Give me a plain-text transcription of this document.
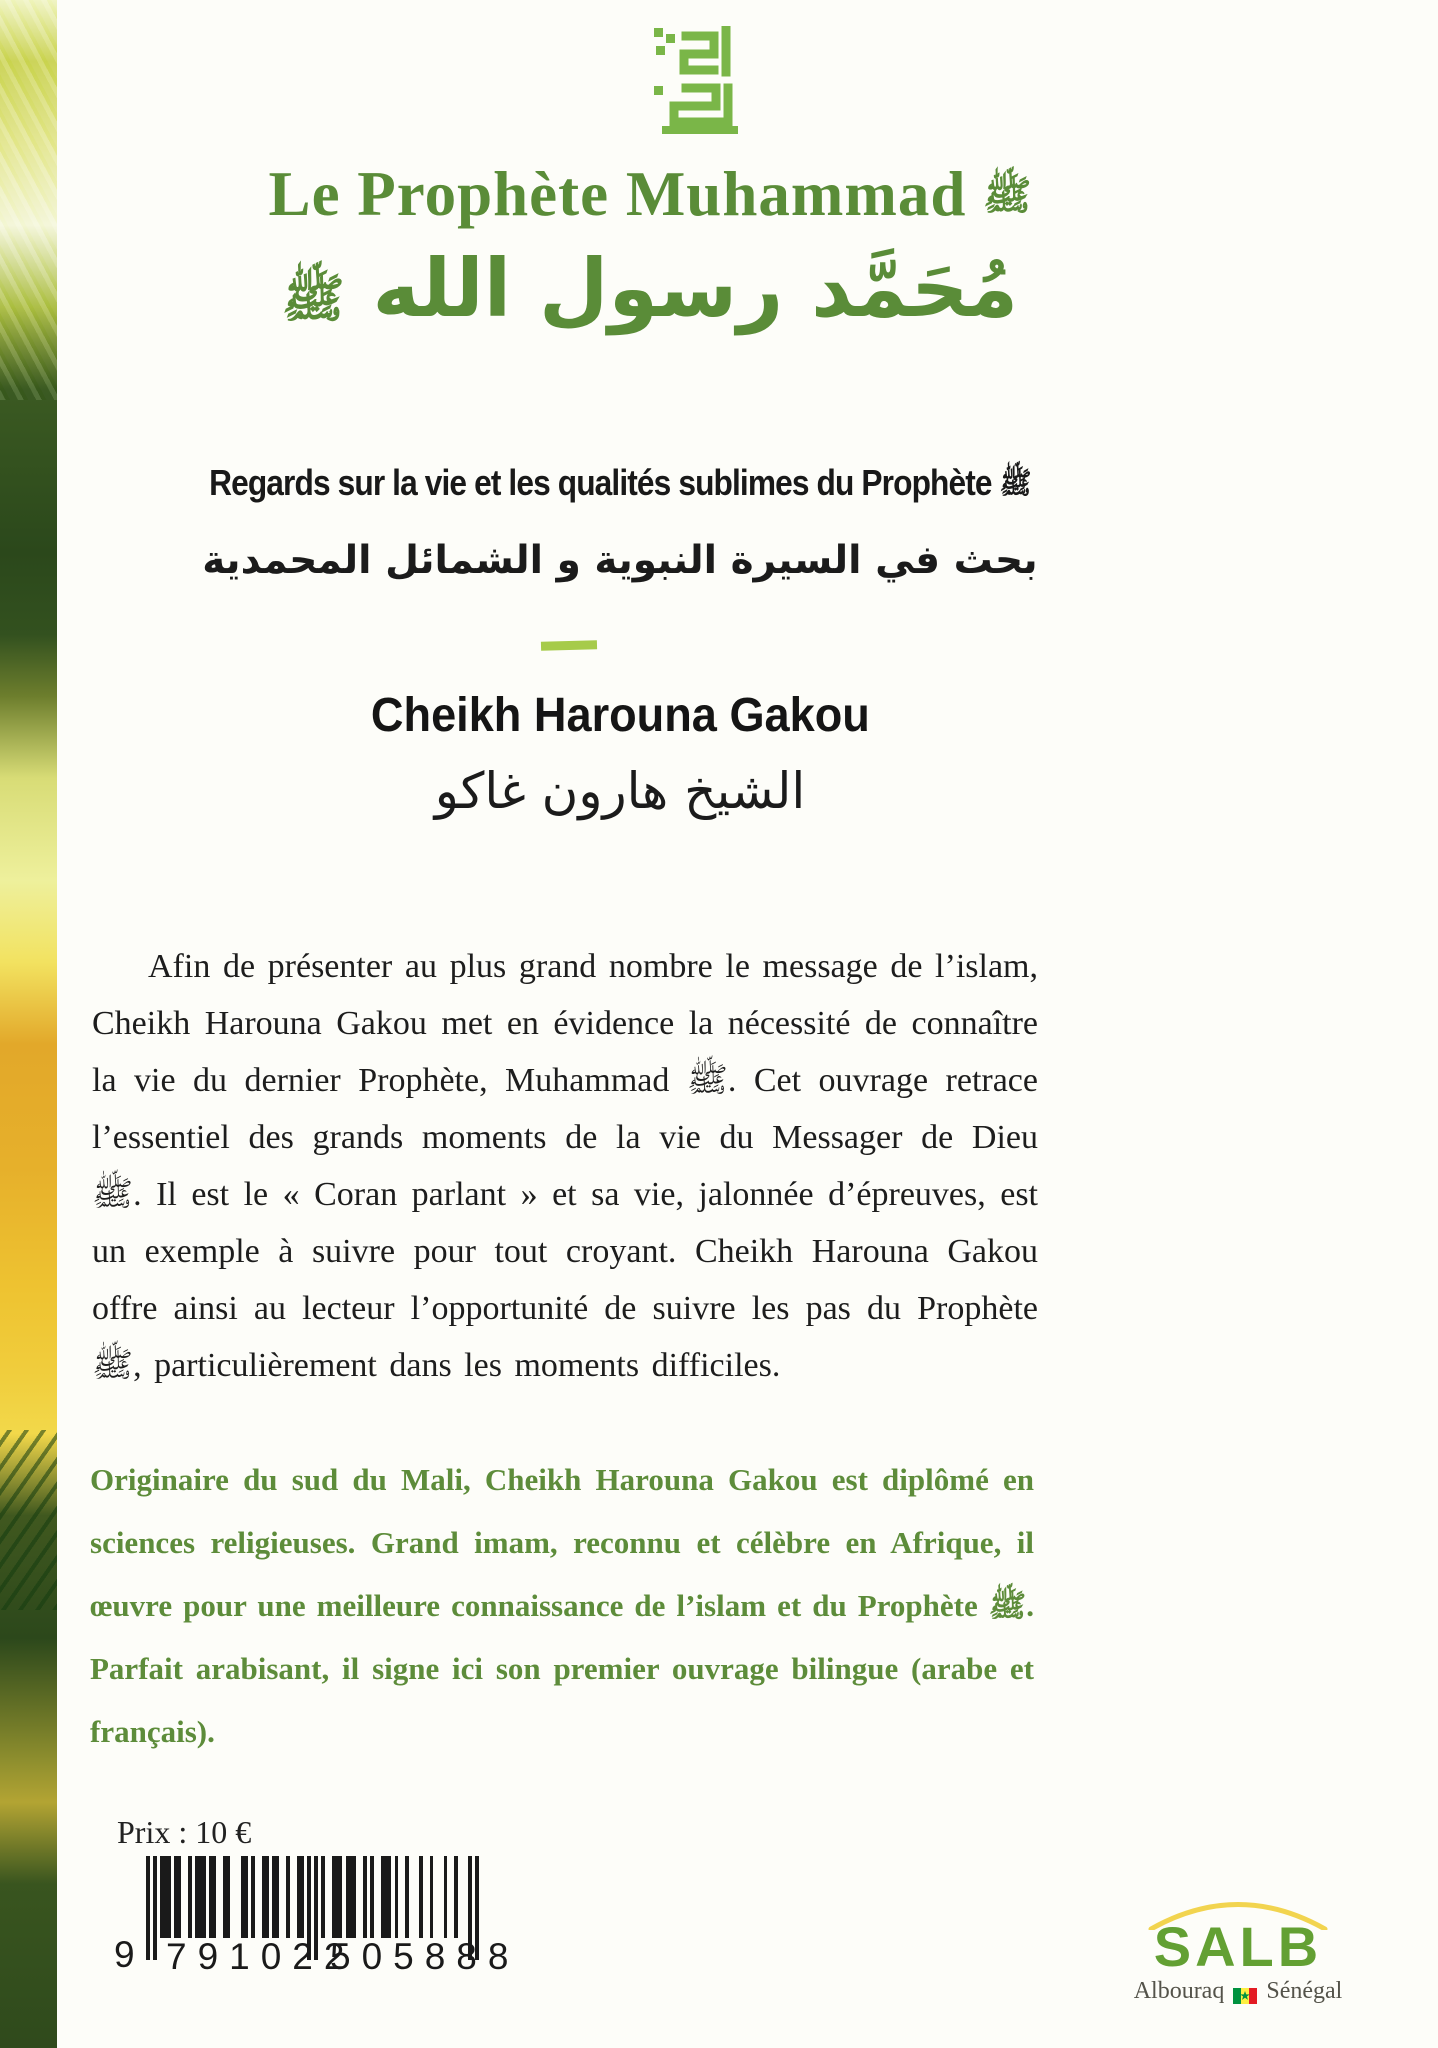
Le Prophète Muhammad ﷺ
مُحَمَّد رسول الله ﷺ
Regards sur la vie et les qualités sublimes du Prophète ﷺ
بحث في السيرة النبوية و الشمائل المحمدية
Cheikh Harouna Gakou
الشيخ هارون غاكو
Afin de présenter au plus grand nombre le message de l’islam, Cheikh Harouna Gakou met en évidence la nécessité de connaître la vie du dernier Prophète, Muhammad ﷺ. Cet ouvrage retrace l’essentiel des grands moments de la vie du Messager de Dieu ﷺ. Il est le « Coran parlant » et sa vie, jalonnée d’épreuves, est un exemple à suivre pour tout croyant. Cheikh Harouna Gakou offre ainsi au lecteur l’opportunité de suivre les pas du Prophète ﷺ, particulièrement dans les moments difficiles.
Originaire du sud du Mali, Cheikh Harouna Gakou est diplômé en sciences religieuses. Grand imam, reconnu et célèbre en Afrique, il œuvre pour une meilleure connaissance de l’islam et du Prophète ﷺ. Parfait arabisant, il signe ici son premier ouvrage bilingue (arabe et français).
Prix : 10 €
9 791022
505888	SALB
Albouraq Sénégal
